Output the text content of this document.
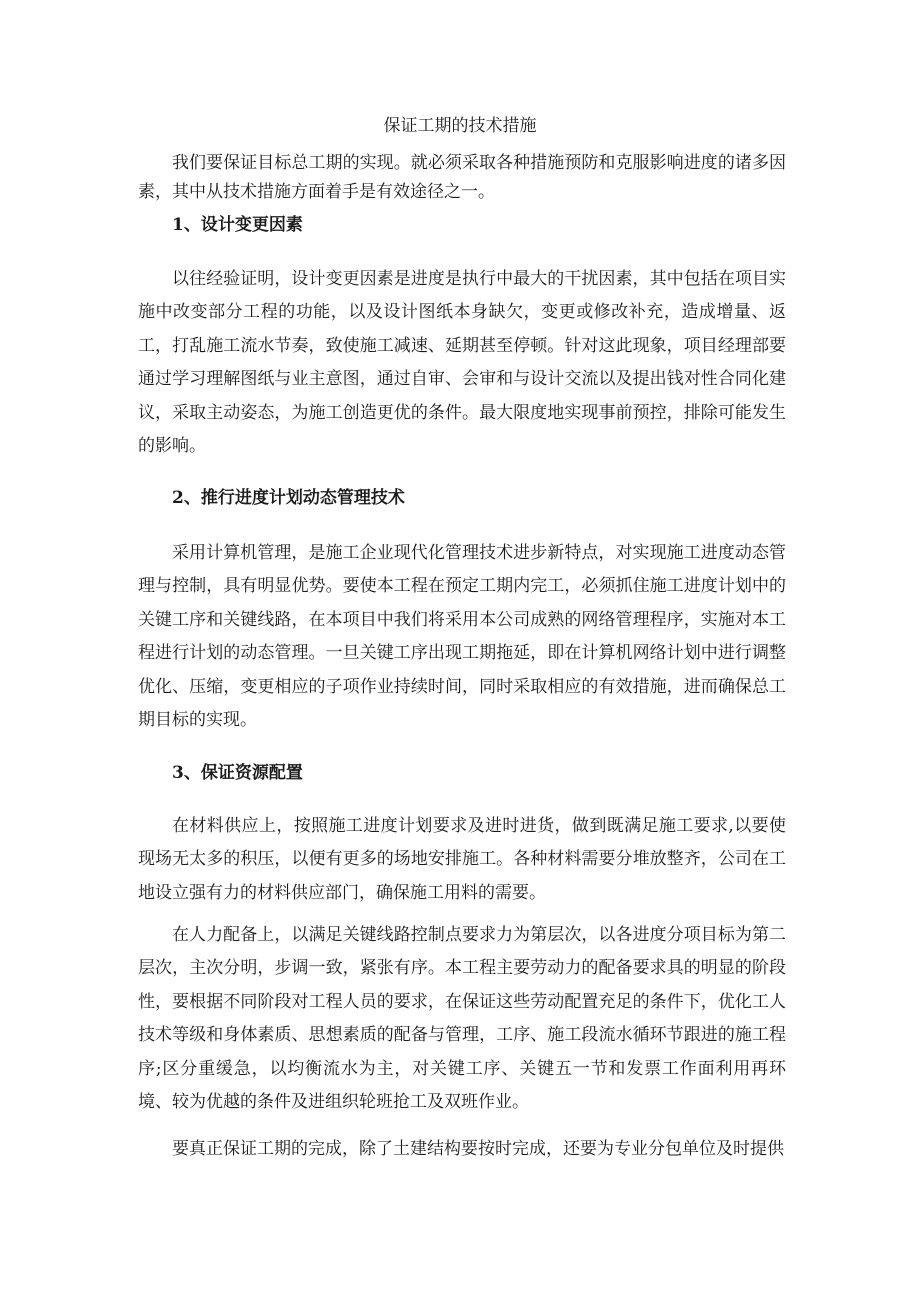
保证工期的技术措施

我们要保证目标总工期的实现。就必须采取各种措施预防和克服影响进度的诸多因素，其中从技术措施方面着手是有效途径之一。

1、设计变更因素

以往经验证明，设计变更因素是进度是执行中最大的干扰因素，其中包括在项目实施中改变部分工程的功能，以及设计图纸本身缺欠，变更或修改补充，造成增量、返工，打乱施工流水节奏，致使施工减速、延期甚至停顿。针对这此现象，项目经理部要通过学习理解图纸与业主意图，通过自审、会审和与设计交流以及提出钱对性合同化建议，采取主动姿态，为施工创造更优的条件。最大限度地实现事前预控，排除可能发生的影响。

2、推行进度计划动态管理技术

采用计算机管理，是施工企业现代化管理技术进步新特点，对实现施工进度动态管理与控制，具有明显优势。要使本工程在预定工期内完工，必须抓住施工进度计划中的关键工序和关键线路，在本项目中我们将采用本公司成熟的网络管理程序，实施对本工程进行计划的动态管理。一旦关键工序出现工期拖延，即在计算机网络计划中进行调整优化、压缩，变更相应的子项作业持续时间，同时采取相应的有效措施，进而确保总工期目标的实现。

3、保证资源配置

在材料供应上，按照施工进度计划要求及进时进货，做到既满足施工要求,以要使现场无太多的积压，以便有更多的场地安排施工。各种材料需要分堆放整齐，公司在工地设立强有力的材料供应部门，确保施工用料的需要。

在人力配备上，以满足关键线路控制点要求力为第层次，以各进度分项目标为第二层次，主次分明，步调一致，紧张有序。本工程主要劳动力的配备要求具的明显的阶段性，要根据不同阶段对工程人员的要求，在保证这些劳动配置充足的条件下，优化工人技术等级和身体素质、思想素质的配备与管理，工序、施工段流水循环节跟进的施工程序;区分重缓急，以均衡流水为主，对关键工序、关键五一节和发票工作面利用再环境、较为优越的条件及进组织轮班抢工及双班作业。

要真正保证工期的完成，除了土建结构要按时完成，还要为专业分包单位及时提供
